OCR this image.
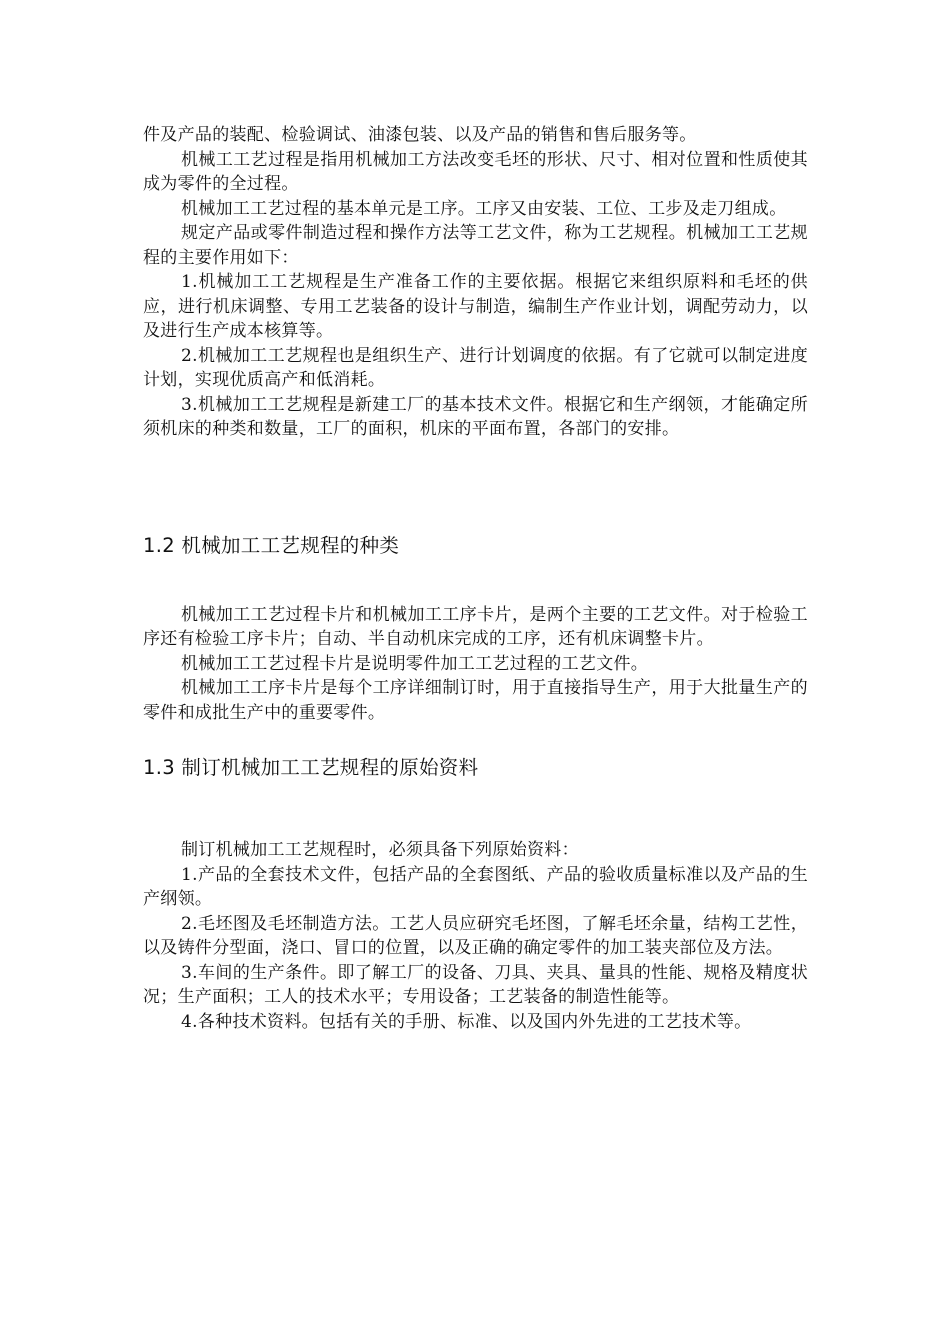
件及产品的装配、检验调试、油漆包装、以及产品的销售和售后服务等。

机械工工艺过程是指用机械加工方法改变毛坯的形状、尺寸、相对位置和性质使其成为零件的全过程。

机械加工工艺过程的基本单元是工序。工序又由安装、工位、工步及走刀组成。

规定产品或零件制造过程和操作方法等工艺文件，称为工艺规程。机械加工工艺规程的主要作用如下：

1.机械加工工艺规程是生产准备工作的主要依据。根据它来组织原料和毛坯的供应，进行机床调整、专用工艺装备的设计与制造，编制生产作业计划，调配劳动力，以及进行生产成本核算等。

2.机械加工工艺规程也是组织生产、进行计划调度的依据。有了它就可以制定进度计划，实现优质高产和低消耗。

3.机械加工工艺规程是新建工厂的基本技术文件。根据它和生产纲领，才能确定所须机床的种类和数量，工厂的面积，机床的平面布置，各部门的安排。

1.2 机械加工工艺规程的种类

机械加工工艺过程卡片和机械加工工序卡片，是两个主要的工艺文件。对于检验工序还有检验工序卡片；自动、半自动机床完成的工序，还有机床调整卡片。

机械加工工艺过程卡片是说明零件加工工艺过程的工艺文件。

机械加工工序卡片是每个工序详细制订时，用于直接指导生产，用于大批量生产的零件和成批生产中的重要零件。

1.3 制订机械加工工艺规程的原始资料

制订机械加工工艺规程时，必须具备下列原始资料：

1.产品的全套技术文件，包括产品的全套图纸、产品的验收质量标准以及产品的生产纲领。

2.毛坯图及毛坯制造方法。工艺人员应研究毛坯图，了解毛坯余量，结构工艺性，以及铸件分型面，浇口、冒口的位置，以及正确的确定零件的加工装夹部位及方法。

3.车间的生产条件。即了解工厂的设备、刀具、夹具、量具的性能、规格及精度状况；生产面积；工人的技术水平；专用设备；工艺装备的制造性能等。

4.各种技术资料。包括有关的手册、标准、以及国内外先进的工艺技术等。
